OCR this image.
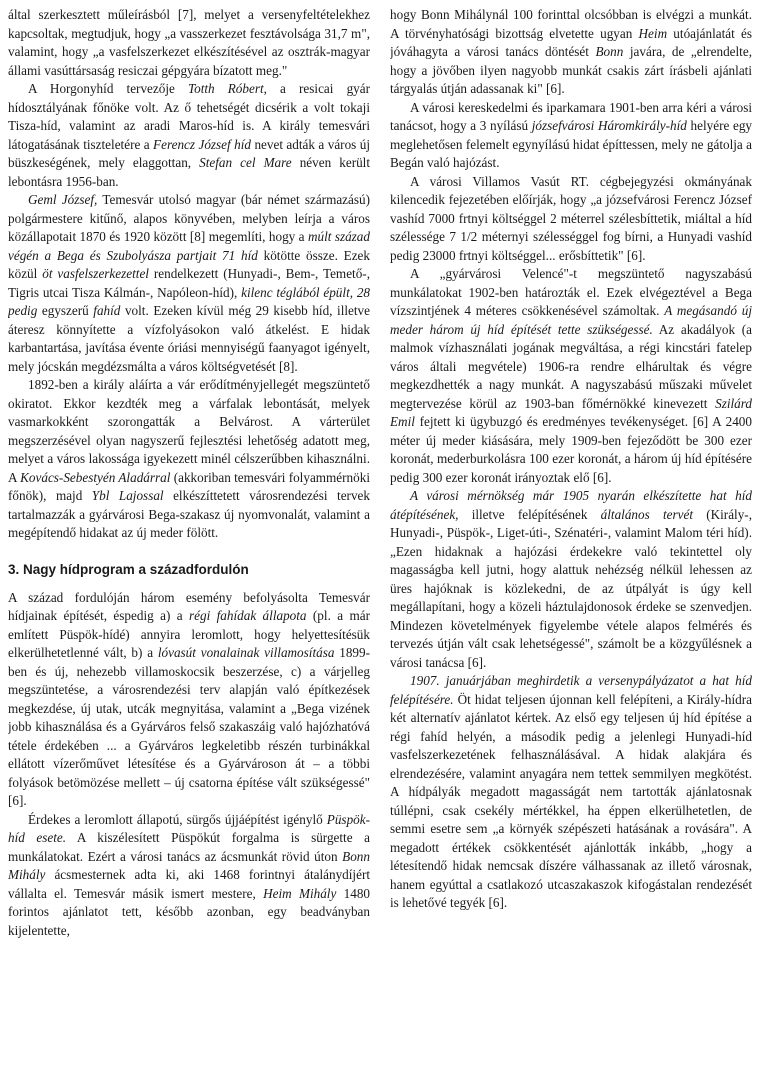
által szerkesztett műleírásból [7], melyet a versenyfeltételekhez kapcsoltak, megtudjuk, hogy „a vasszerkezet fesztávolsága 31,7 m", valamint, hogy „a vasfelszerkezet elkészítésével az osztrák-magyar állami vasúttársaság resiczai gépgyára bízatott meg."

A Horgonyhíd tervezője Totth Róbert, a resicai gyár hídosztályának főnöke volt. Az ő tehetségét dicsérik a volt tokaji Tisza-híd, valamint az aradi Maros-híd is. A király temesvári látogatásának tiszteletére a Ferencz József híd nevet adták a város új büszkeségének, mely elaggottan, Stefan cel Mare néven került lebontásra 1956-ban.

Geml József, Temesvár utolsó magyar (bár német származású) polgármestere kitűnő, alapos könyvében, melyben leírja a város közállapotait 1870 és 1920 között [8] megemlíti, hogy a múlt század végén a Bega és Szubolyásza partjait 71 híd kötötte össze. Ezek közül öt vasfelszerkezettel rendelkezett (Hunyadi-, Bem-, Temető-, Tigris utcai Tisza Kálmán-, Napóleon-híd), kilenc téglából épült, 28 pedig egyszerű fahíd volt. Ezeken kívül még 29 kisebb híd, illetve áteresz könnyítette a vízfolyásokon való átkelést. E hidak karbantartása, javítása évente óriási mennyiségű faanyagot igényelt, mely jócskán megdézsmálta a város költségvetését [8].

1892-ben a király aláírta a vár erődítményjellegét megszüntető okiratot. Ekkor kezdték meg a várfalak lebontását, melyek vasmarkokként szorongatták a Belvárost. A várterület megszerzésével olyan nagyszerű fejlesztési lehetőség adatott meg, melyet a város lakossága igyekezett minél célszerűbben kihasználni. A Kovács-Sebestyén Aladárral (akkoriban temesvári folyammérnöki főnök), majd Ybl Lajossal elkészíttetett városrendezési tervek tartalmazzák a gyárvárosi Bega-szakasz új nyomvonalát, valamint a megépítendő hidakat az új meder fölött.

3. Nagy hídprogram a századfordulón

A század fordulóján három esemény befolyásolta Temesvár hídjainak építését, éspedig a) a régi fahídak állapota (pl. a már említett Püspök-hídé) annyira leromlott, hogy helyettesítésük elkerülhetetlenné vált, b) a lóvasút vonalainak villamosítása 1899-ben és új, nehezebb villamoskocsik beszerzése, c) a várjelleg megszüntetése, a városrendezési terv alapján való építkezések megkezdése, új utak, utcák megnyitása, valamint a „Bega vizének jobb kihasználása és a Gyárváros felső szakaszáig való hajózhatóvá tétele érdekében ... a Gyárváros legkeletibb részén turbinákkal ellátott vízerőművet létesítése és a Gyárvároson át – a többi folyások betömözése mellett – új csatorna építése vált szükségessé" [6].

Érdekes a leromlott állapotú, sürgős újjáépítést igénylő Püspök-híd esete. A kiszélesített Püspökút forgalma is sürgette a munkálatokat. Ezért a városi tanács az ácsmunkát rövid úton Bonn Mihály ácsmesternek adta ki, aki 1468 forintnyi átalánydíjért vállalta el. Temesvár másik ismert mestere, Heim Mihály 1480 forintos ajánlatot tett, később azonban, egy beadványban kijelentette,

hogy Bonn Mihálynál 100 forinttal olcsóbban is elvégzi a munkát. A törvényhatósági bizottság elvetette ugyan Heim utóajánlatát és jóváhagyta a városi tanács döntését Bonn javára, de „elrendelte, hogy a jövőben ilyen nagyobb munkát csakis zárt írásbeli ajánlati tárgyalás útján adassanak ki" [6].

A városi kereskedelmi és iparkamara 1901-ben arra kéri a városi tanácsot, hogy a 3 nyílású józsefvárosi Háromkirály-híd helyére egy meglehetősen felemelt egynyílású hidat építtessen, mely ne gátolja a Begán való hajózást.

A városi Villamos Vasút RT. cégbejegyzési okmányának kilencedik fejezetében előírják, hogy „a józsefvárosi Ferencz József vashíd 7000 frtnyi költséggel 2 méterrel szélesbíttetik, miáltal a híd szélessége 7 1/2 méternyi szélességgel fog bírni, a Hunyadi vashíd pedig 23000 frtnyi költséggel... erősbíttetik" [6].

A „gyárvárosi Velencé"-t megszüntető nagyszabású munkálatokat 1902-ben határozták el. Ezek elvégeztével a Bega vízszintjének 4 méteres csökkenésével számoltak. A megásandó új meder három új híd építését tette szükségessé. Az akadályok (a malmok vízhasználati jogának megváltása, a régi kincstári fatelep város általi megvétele) 1906-ra rendre elhárultak és végre megkezdhették a nagy munkát. A nagyszabású műszaki művelet megtervezése körül az 1903-ban főmérnökké kinevezett Szilárd Emil fejtett ki ügybuzgó és eredményes tevékenységet. [6] A 2400 méter új meder kiásására, mely 1909-ben fejeződött be 300 ezer koronát, mederburkolásra 100 ezer koronát, a három új híd építésére pedig 300 ezer koronát irányoztak elő [6].

A városi mérnökség már 1905 nyarán elkészítette hat híd átépítésének, illetve felépítésének általános tervét (Király-, Hunyadi-, Püspök-, Liget-úti-, Szénatéri-, valamint Malom téri híd). „Ezen hidaknak a hajózási érdekekre való tekintettel oly magasságba kell jutni, hogy alattuk nehézség nélkül lehessen az üres hajóknak is közlekedni, de az útpályát is úgy kell megállapítani, hogy a közeli háztulajdonosok érdeke se szenvedjen. Mindezen követelmények figyelembe vétele alapos felmérés és tervezés útján vált csak lehetségessé", számolt be a közgyűlésnek a városi tanácsa [6].

1907. januárjában meghirdetik a versenypályázatot a hat híd felépítésére. Öt hidat teljesen újonnan kell felépíteni, a Király-hídra két alternatív ajánlatot kértek. Az első egy teljesen új híd építése a régi fahíd helyén, a második pedig a jelenlegi Hunyadi-híd vasfelszerkezetének felhasználásával. A hidak alakjára és elrendezésére, valamint anyagára nem tettek semmilyen megkötést. A hídpályák megadott magasságát nem tartották ajánlatosnak túllépni, csak csekély mértékkel, ha éppen elkerülhetetlen, de semmi esetre sem „a környék szépészeti hatásának a rovására". A megadott értékek csökkentését ajánlották inkább, „hogy a létesítendő hidak nemcsak díszére válhassanak az illető városnak, hanem egyúttal a csatlakozó utcaszakaszok kifogástalan rendezését is lehetővé tegyék [6].
